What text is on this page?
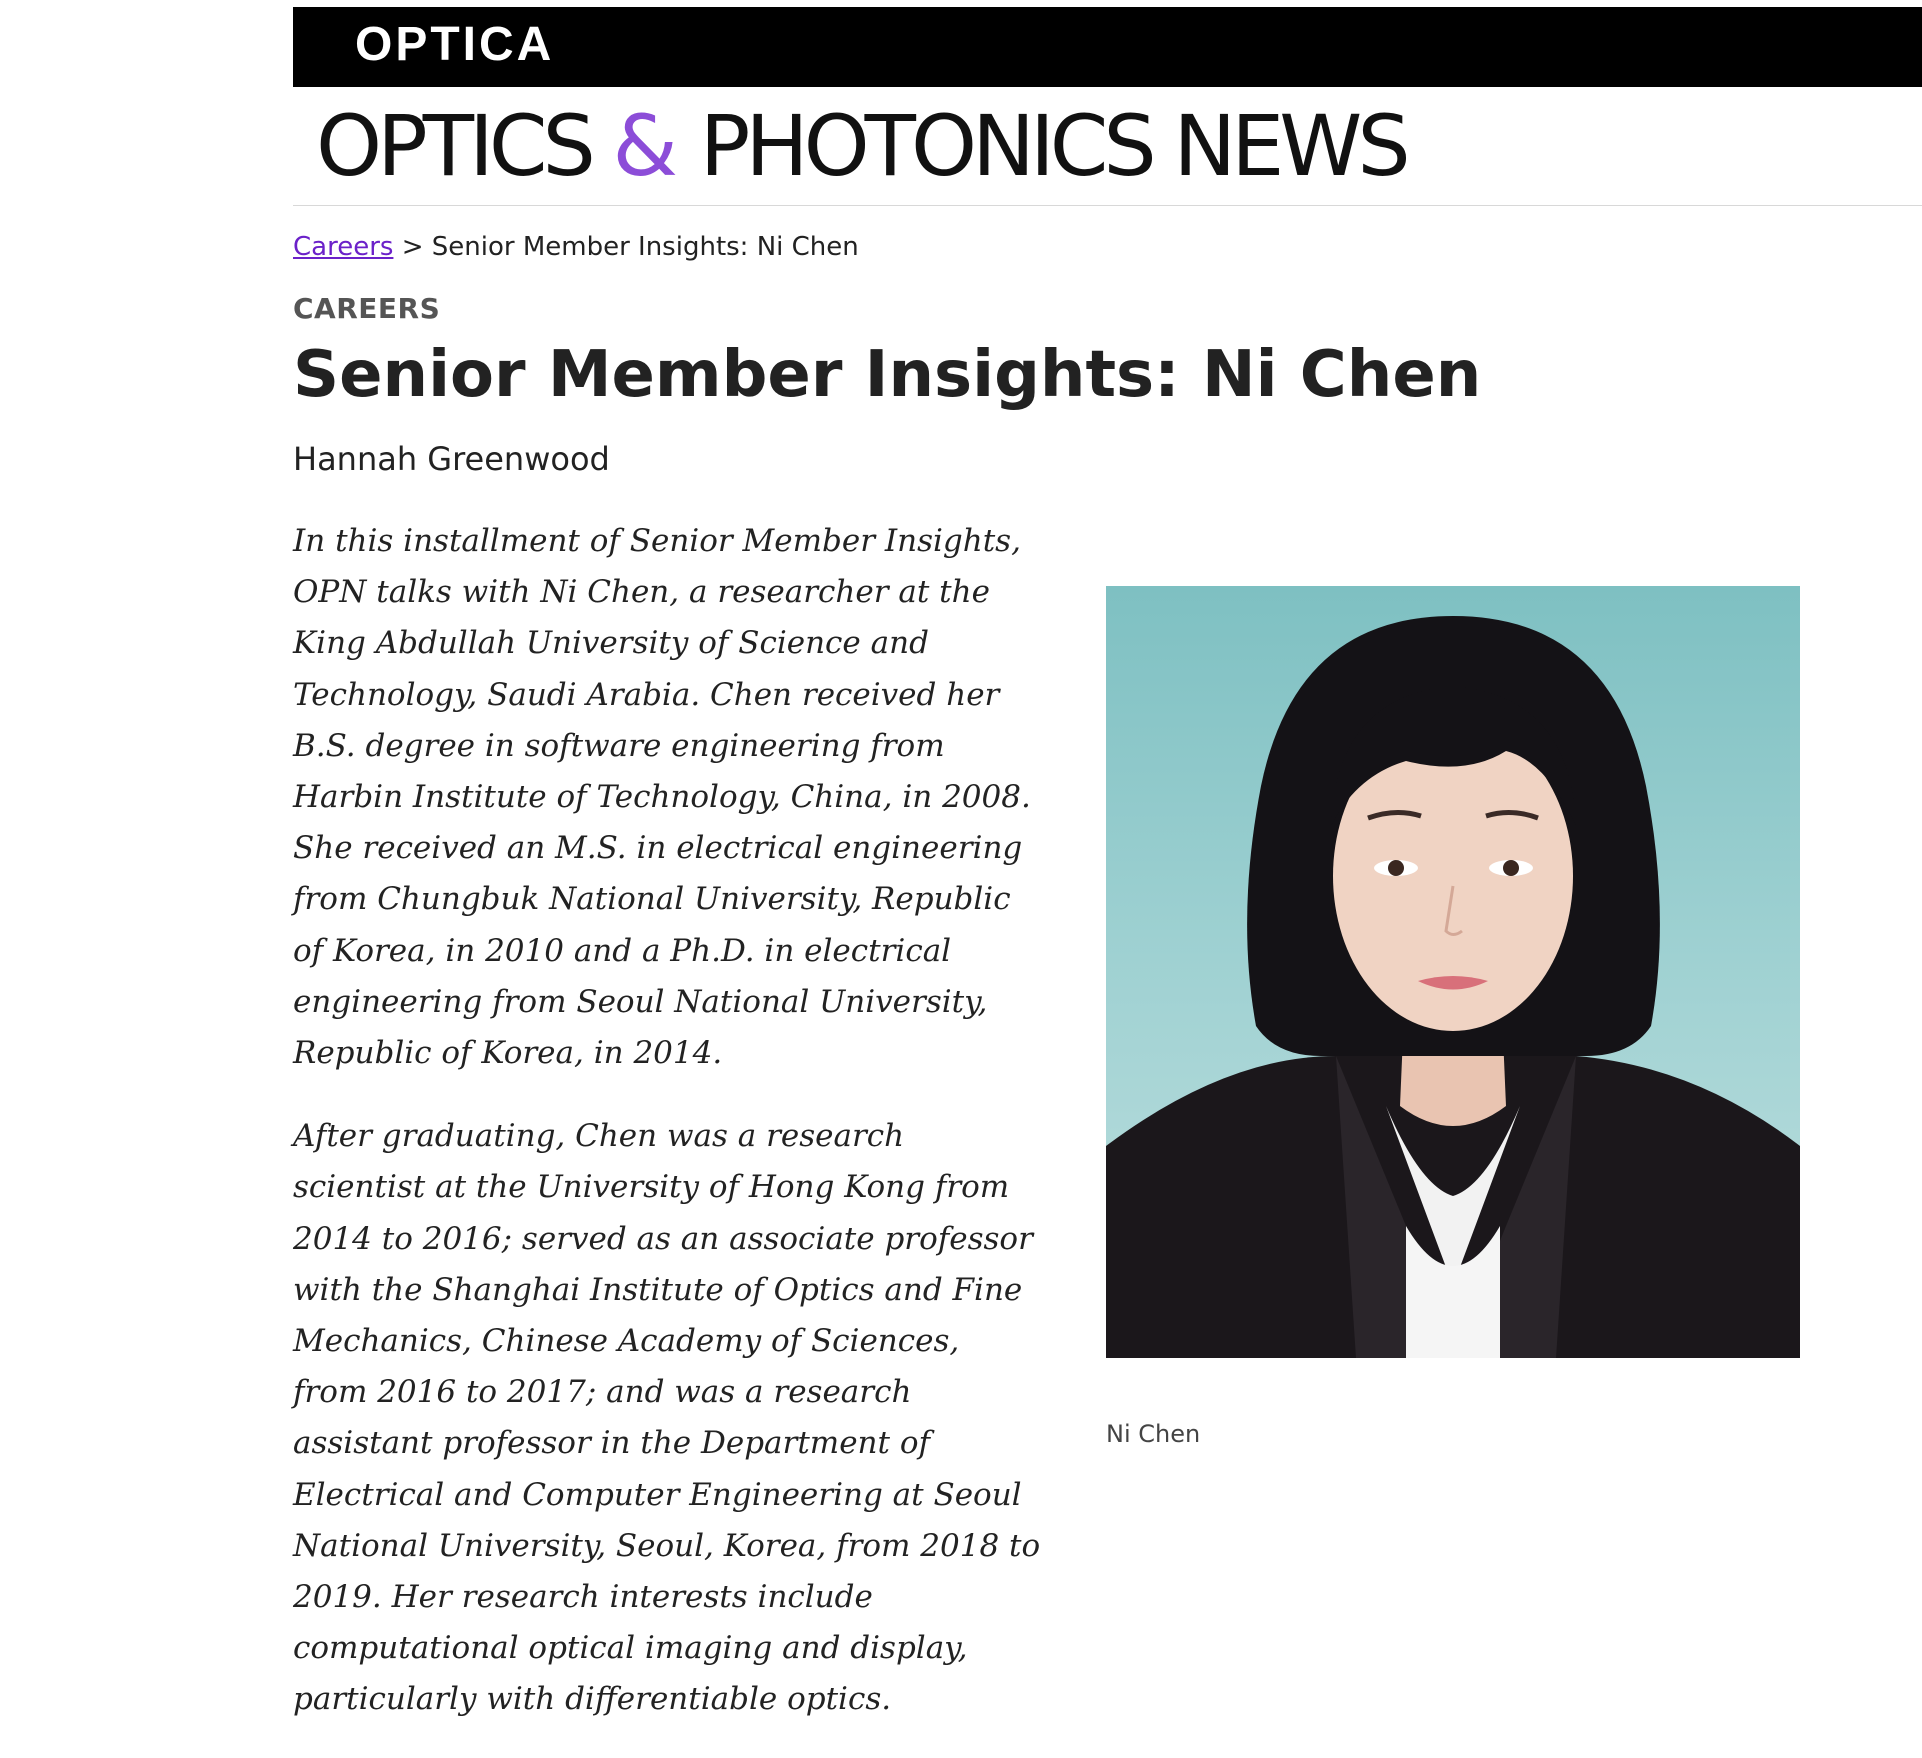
OPTICA
OPTICS & PHOTONICS NEWS
Careers > Senior Member Insights: Ni Chen
CAREERS
Senior Member Insights: Ni Chen
Hannah Greenwood

In this installment of Senior Member Insights, OPN talks with Ni Chen, a researcher at the King Abdullah University of Science and Technology, Saudi Arabia. Chen received her B.S. degree in software engineering from Harbin Institute of Technology, China, in 2008. She received an M.S. in electrical engineering from Chungbuk National University, Republic of Korea, in 2010 and a Ph.D. in electrical engineering from Seoul National University, Republic of Korea, in 2014.

After graduating, Chen was a research scientist at the University of Hong Kong from 2014 to 2016; served as an associate professor with the Shanghai Institute of Optics and Fine Mechanics, Chinese Academy of Sciences, from 2016 to 2017; and was a research assistant professor in the Department of Electrical and Computer Engineering at Seoul National University, Seoul, Korea, from 2018 to 2019. Her research interests include computational optical imaging and display, particularly with differentiable optics.

Ni Chen
